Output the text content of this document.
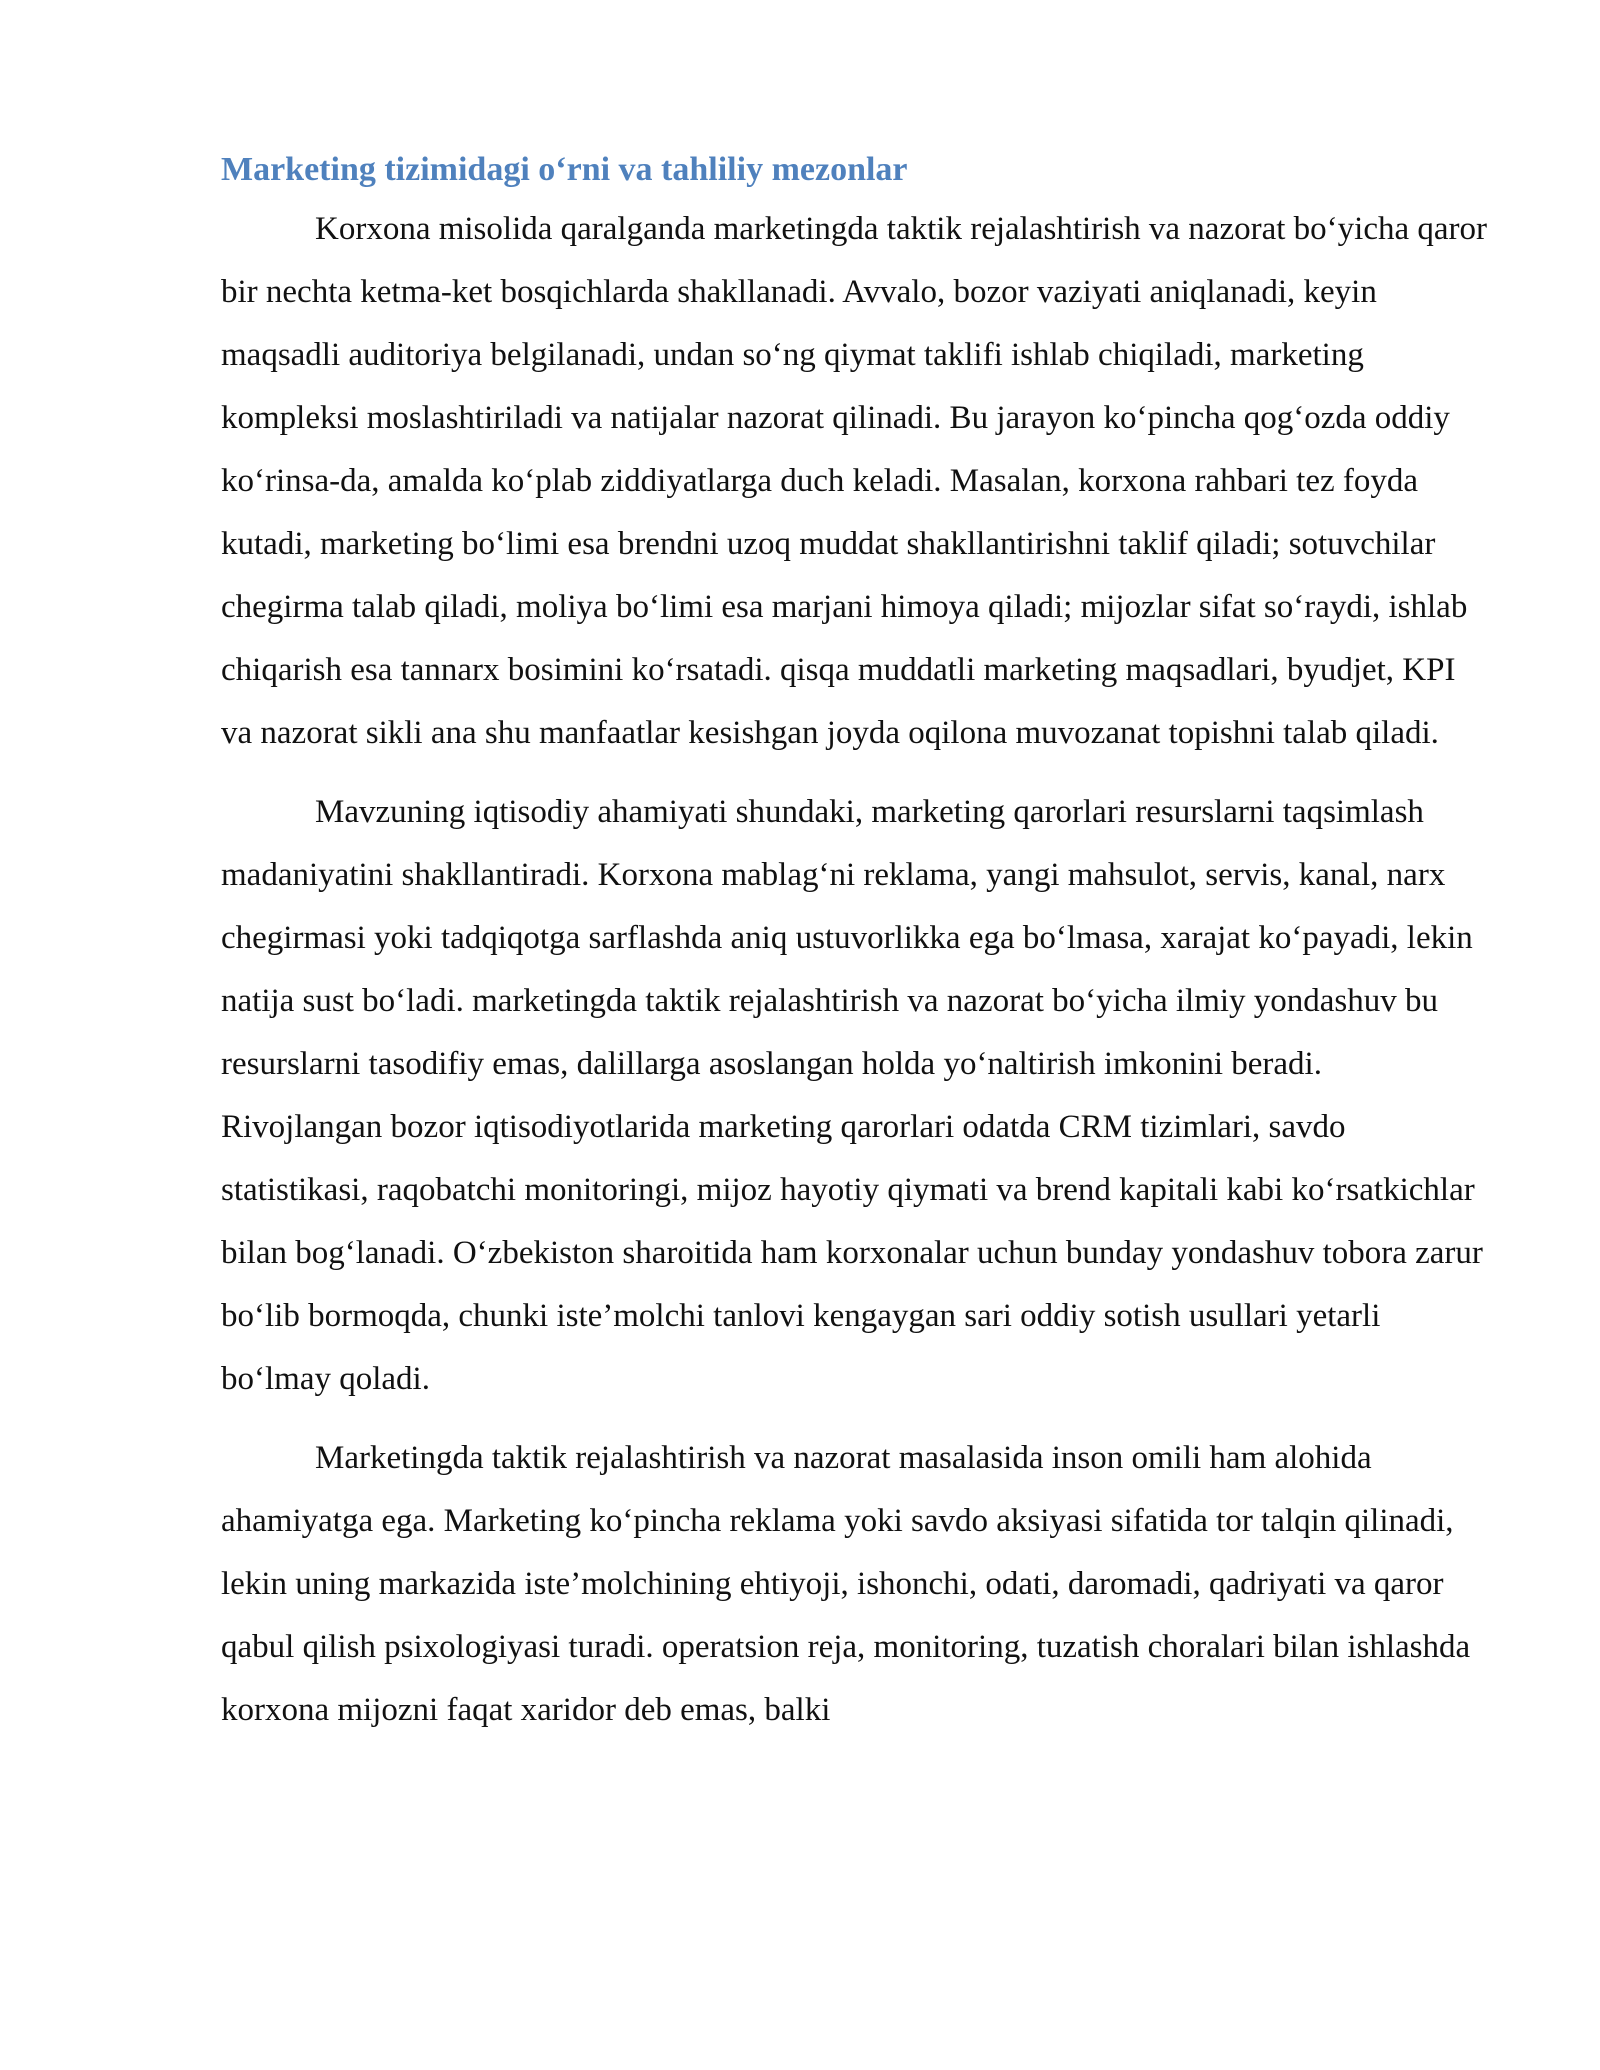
Marketing tizimidagi o‘rni va tahliliy mezonlar

Korxona misolida qaralganda marketingda taktik rejalashtirish va nazorat bo‘yicha qaror bir nechta ketma-ket bosqichlarda shakllanadi. Avvalo, bozor vaziyati aniqlanadi, keyin maqsadli auditoriya belgilanadi, undan so‘ng qiymat taklifi ishlab chiqiladi, marketing kompleksi moslashtiriladi va natijalar nazorat qilinadi. Bu jarayon ko‘pincha qog‘ozda oddiy ko‘rinsa-da, amalda ko‘plab ziddiyatlarga duch keladi. Masalan, korxona rahbari tez foyda kutadi, marketing bo‘limi esa brendni uzoq muddat shakllantirishni taklif qiladi; sotuvchilar chegirma talab qiladi, moliya bo‘limi esa marjani himoya qiladi; mijozlar sifat so‘raydi, ishlab chiqarish esa tannarx bosimini ko‘rsatadi. qisqa muddatli marketing maqsadlari, byudjet, KPI va nazorat sikli ana shu manfaatlar kesishgan joyda oqilona muvozanat topishni talab qiladi.

Mavzuning iqtisodiy ahamiyati shundaki, marketing qarorlari resurslarni taqsimlash madaniyatini shakllantiradi. Korxona mablag‘ni reklama, yangi mahsulot, servis, kanal, narx chegirmasi yoki tadqiqotga sarflashda aniq ustuvorlikka ega bo‘lmasa, xarajat ko‘payadi, lekin natija sust bo‘ladi. marketingda taktik rejalashtirish va nazorat bo‘yicha ilmiy yondashuv bu resurslarni tasodifiy emas, dalillarga asoslangan holda yo‘naltirish imkonini beradi. Rivojlangan bozor iqtisodiyotlarida marketing qarorlari odatda CRM tizimlari, savdo statistikasi, raqobatchi monitoringi, mijoz hayotiy qiymati va brend kapitali kabi ko‘rsatkichlar bilan bog‘lanadi. O‘zbekiston sharoitida ham korxonalar uchun bunday yondashuv tobora zarur bo‘lib bormoqda, chunki iste’molchi tanlovi kengaygan sari oddiy sotish usullari yetarli bo‘lmay qoladi.

Marketingda taktik rejalashtirish va nazorat masalasida inson omili ham alohida ahamiyatga ega. Marketing ko‘pincha reklama yoki savdo aksiyasi sifatida tor talqin qilinadi, lekin uning markazida iste’molchining ehtiyoji, ishonchi, odati, daromadi, qadriyati va qaror qabul qilish psixologiyasi turadi. operatsion reja, monitoring, tuzatish choralari bilan ishlashda korxona mijozni faqat xaridor deb emas, balki
